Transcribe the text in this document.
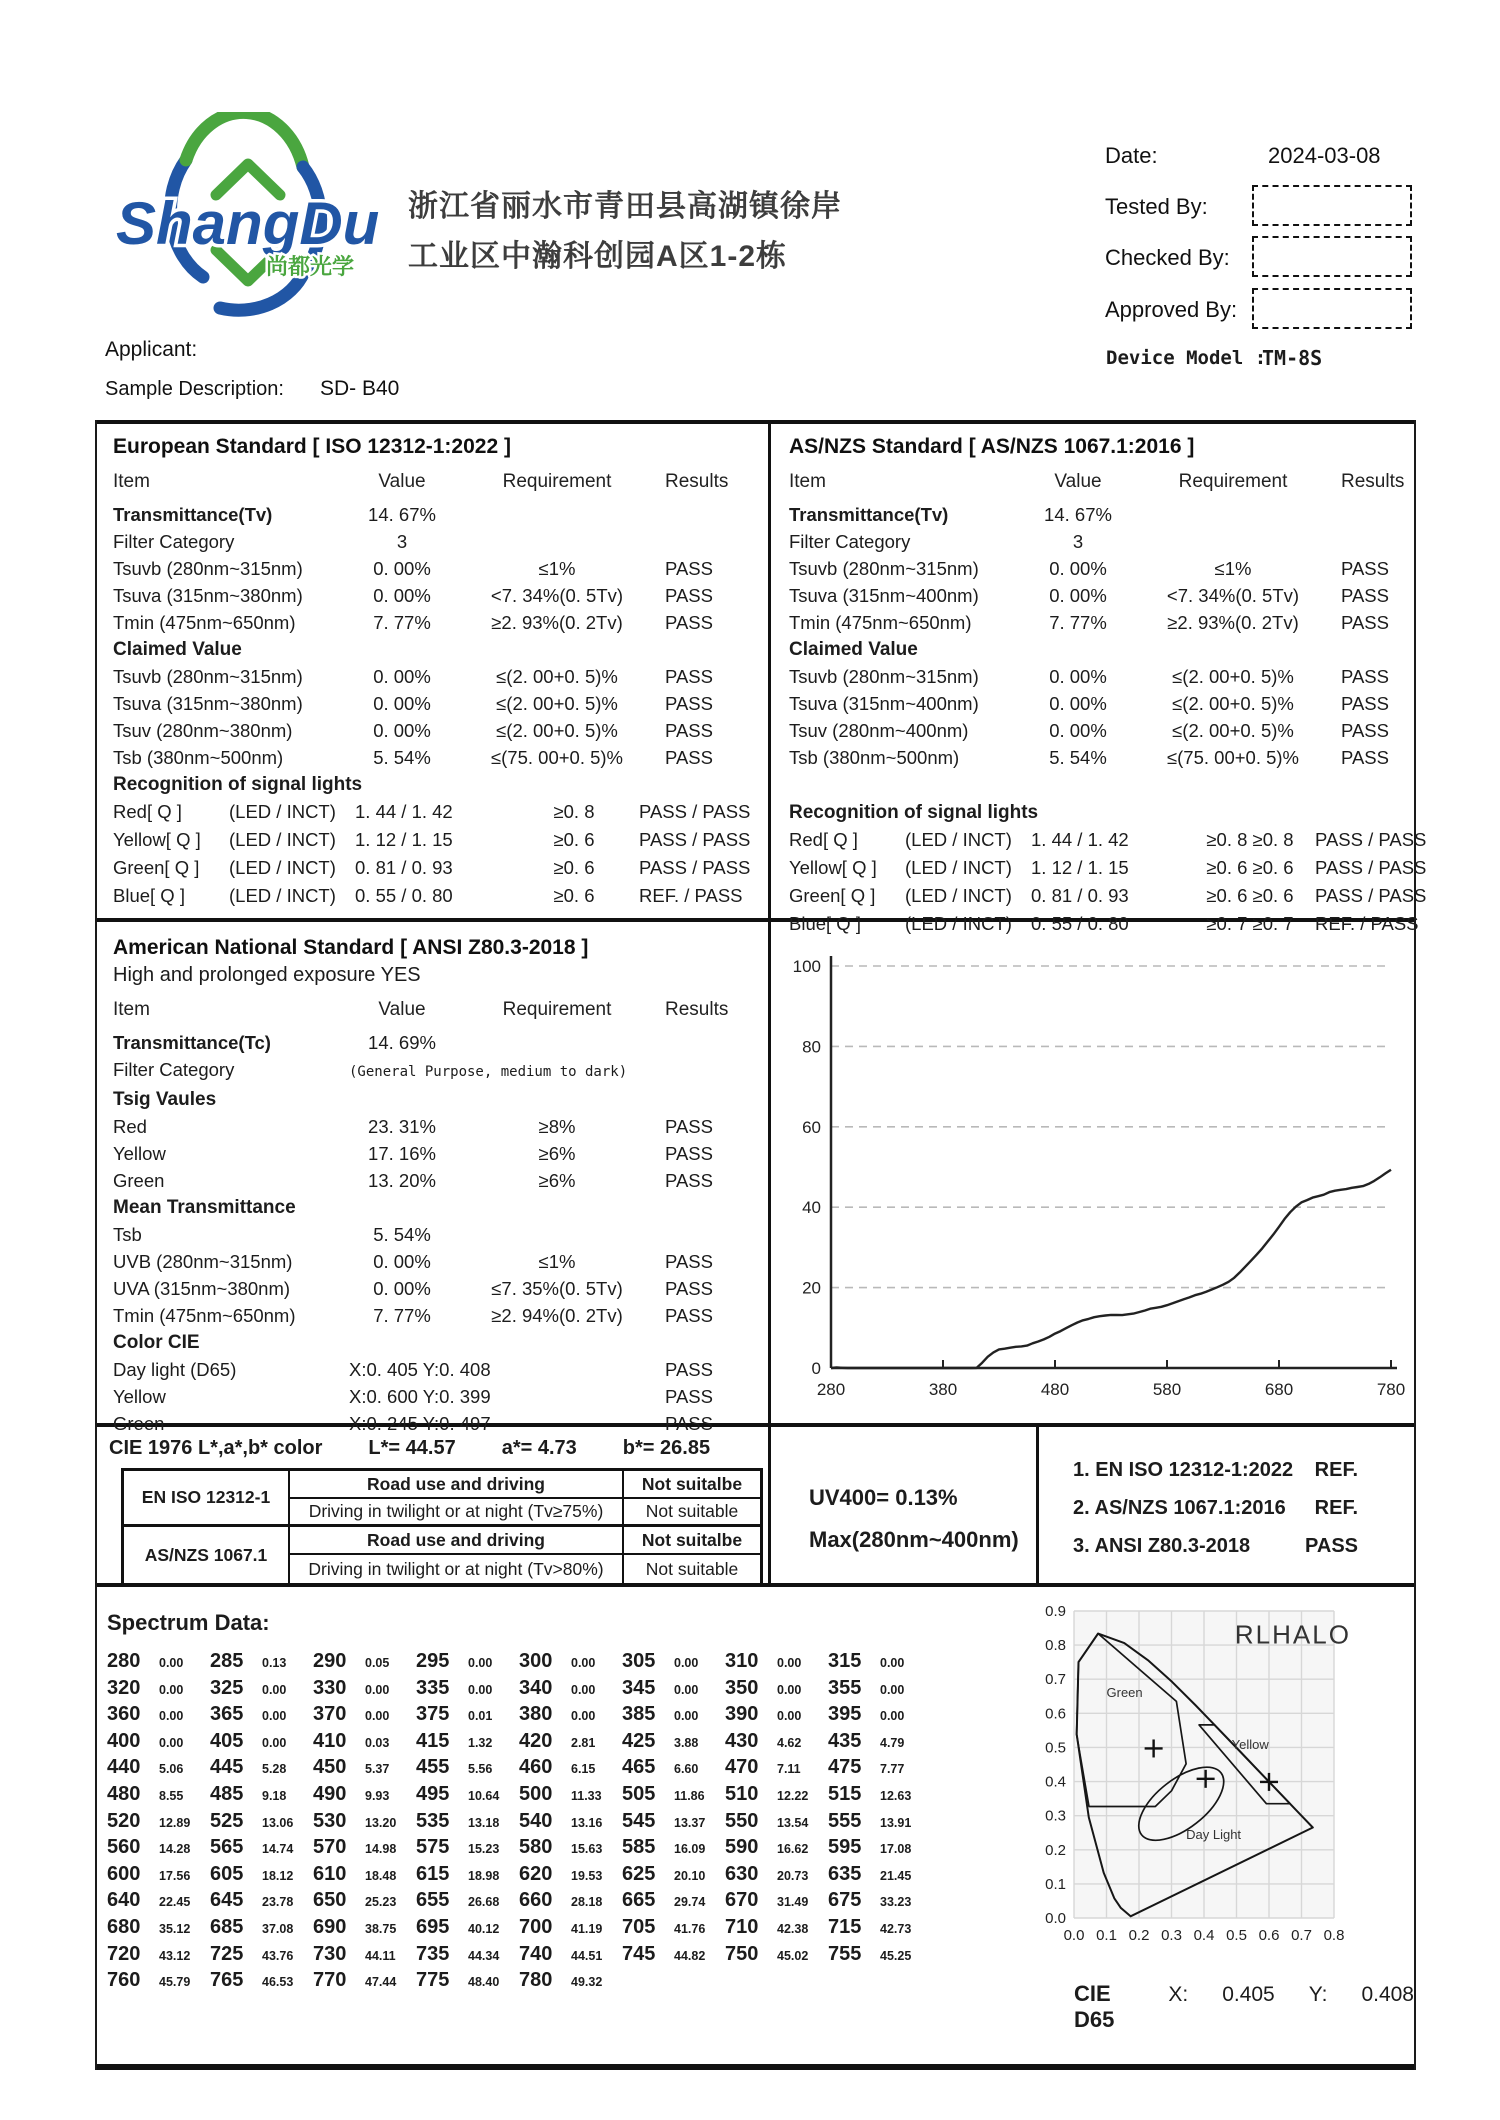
ShangDu
尚都光学
浙江省丽水市青田县高湖镇徐岸
工业区中瀚科创园A区1-2栋
Date:	2024-03-08
Tested By:
Checked By:
Approved By:
Device Model :
TM-8S
Applicant:
Sample Description: SD- B40
European Standard [ ISO 12312-1:2022 ]
Item	Value	Requirement	Results
Transmittance(Tv)	14. 67%
Filter Category	3
Tsuvb (280nm~315nm)	0. 00%	≤1%	PASS
Tsuva (315nm~380nm)	0. 00%	<7. 34%(0. 5Tv)	PASS
Tmin (475nm~650nm)	7. 77%	≥2. 93%(0. 2Tv)	PASS
Claimed Value
Tsuvb (280nm~315nm)	0. 00%	≤(2. 00+0. 5)%	PASS
Tsuva (315nm~380nm)	0. 00%	≤(2. 00+0. 5)%	PASS
Tsuv (280nm~380nm)	0. 00%	≤(2. 00+0. 5)%	PASS
Tsb (380nm~500nm)	5. 54%	≤(75. 00+0. 5)%	PASS
Recognition of signal lights
Red[ Q ]	(LED / INCT)	1. 44 / 1. 42	≥0. 8	PASS / PASS
Yellow[ Q ]	(LED / INCT)	1. 12 / 1. 15	≥0. 6	PASS / PASS
Green[ Q ]	(LED / INCT)	0. 81 / 0. 93	≥0. 6	PASS / PASS
Blue[ Q ]	(LED / INCT)	0. 55 / 0. 80	≥0. 6	REF. / PASS
AS/NZS Standard [ AS/NZS 1067.1:2016 ]
Item	Value	Requirement	Results
Transmittance(Tv)	14. 67%
Filter Category	3
Tsuvb (280nm~315nm)	0. 00%	≤1%	PASS
Tsuva (315nm~400nm)	0. 00%	<7. 34%(0. 5Tv)	PASS
Tmin (475nm~650nm)	7. 77%	≥2. 93%(0. 2Tv)	PASS
Claimed Value
Tsuvb (280nm~315nm)	0. 00%	≤(2. 00+0. 5)%	PASS
Tsuva (315nm~400nm)	0. 00%	≤(2. 00+0. 5)%	PASS
Tsuv (280nm~400nm)	0. 00%	≤(2. 00+0. 5)%	PASS
Tsb (380nm~500nm)	5. 54%	≤(75. 00+0. 5)%	PASS
Recognition of signal lights
Red[ Q ]	(LED / INCT)	1. 44 / 1. 42	≥0. 8 ≥0. 8	PASS / PASS
Yellow[ Q ]	(LED / INCT)	1. 12 / 1. 15	≥0. 6 ≥0. 6	PASS / PASS
Green[ Q ]	(LED / INCT)	0. 81 / 0. 93	≥0. 6 ≥0. 6	PASS / PASS
Blue[ Q ]	(LED / INCT)	0. 55 / 0. 80	≥0. 7 ≥0. 7	REF. / PASS
American National Standard [ ANSI Z80.3-2018 ]
High and prolonged exposure YES
Item	Value	Requirement	Results
Transmittance(Tc)	14. 69%
Filter Category	(General Purpose, medium to dark)
Tsig Vaules
Red	23. 31%	≥8%	PASS
Yellow	17. 16%	≥6%	PASS
Green	13. 20%	≥6%	PASS
Mean Transmittance
Tsb	5. 54%
UVB (280nm~315nm)	0. 00%	≤1%	PASS
UVA (315nm~380nm)	0. 00%	≤7. 35%(0. 5Tv)	PASS
Tmin (475nm~650nm)	7. 77%	≥2. 94%(0. 2Tv)	PASS
Color CIE
Day light (D65)	X:0. 405 Y:0. 408	PASS
Yellow	X:0. 600 Y:0. 399	PASS
Green	X:0. 245 Y:0. 497	PASS
0
20
40
60
80
100
280	380	480	580	680	780
CIE 1976 L*,a*,b* color L*= 44.57 a*= 4.73 b*= 26.85
EN ISO 12312-1
Road use and driving	Not suitalbe
Driving in twilight or at night (Tv≥75%)	Not suitable
AS/NZS 1067.1
Road use and driving	Not suitalbe
Driving in twilight or at night (Tv>80%)	Not suitable
UV400= 0.13%
Max(280nm~400nm)
1. EN ISO 12312-1:2022 REF.
2. AS/NZS 1067.1:2016 REF.
3. ANSI Z80.3-2018	PASS
Spectrum Data:
280	0.00	285	0.13	290	0.05	295	0.00	300	0.00	305	0.00	310	0.00	315	0.00
320	0.00	325	0.00	330	0.00	335	0.00	340	0.00	345	0.00	350	0.00	355	0.00
360	0.00	365	0.00	370	0.00	375	0.01	380	0.00	385	0.00	390	0.00	395	0.00
400	0.00	405	0.00	410	0.03	415	1.32	420	2.81	425	3.88	430	4.62	435	4.79
440	5.06	445	5.28	450	5.37	455	5.56	460	6.15	465	6.60	470	7.11	475	7.77
480	8.55	485	9.18	490	9.93	495	10.64 500	11.33	505	11.86	510	12.22 515	12.63
520	12.89 525	13.06 530	13.20 535	13.18 540	13.16 545	13.37 550	13.54 555	13.91
560	14.28 565	14.74 570	14.98 575	15.23 580	15.63 585	16.09 590	16.62 595	17.08
600	17.56 605	18.12 610	18.48 615	18.98 620	19.53 625	20.10 630	20.73 635	21.45
640	22.45 645	23.78 650	25.23 655	26.68 660	28.18 665	29.74 670	31.49 675	33.23
680	35.12 685	37.08 690	38.75 695	40.12 700	41.19 705	41.76 710	42.38 715	42.73
720	43.12 725	43.76 730	44.11	735	44.34 740	44.51 745	44.82 750	45.02 755	45.25
760	45.79 765	46.53 770	47.44 775	48.40 780	49.32
0.0
0.1
0.2
0.3
0.4
0.5
0.6
0.7
0.8
0.9
0.0 0.1 0.2 0.3 0.4 0.5 0.6 0.7 0.8
RLHALO
Green
Yellow
Day Light
CIE D65
X: 0.405 Y: 0.408
